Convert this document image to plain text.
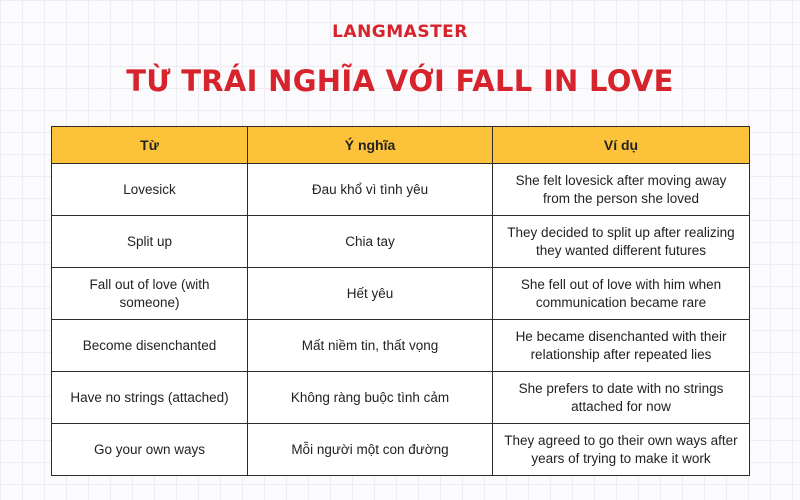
LANGMASTER
TỪ TRÁI NGHĨA VỚI FALL IN LOVE
Từ	Ý nghĩa	Ví dụ
Lovesick	Đau khổ vì tình yêu	She felt lovesick after moving away from the person she loved
Split up	Chia tay	They decided to split up after realizing they wanted different futures
Fall out of love (with someone)	Hết yêu	She fell out of love with him when communication became rare
Become disenchanted	Mất niềm tin, thất vọng	He became disenchanted with their relationship after repeated lies
Have no strings (attached)	Không ràng buộc tình cảm	She prefers to date with no strings attached for now
Go your own ways	Mỗi người một con đường	They agreed to go their own ways after years of trying to make it work
